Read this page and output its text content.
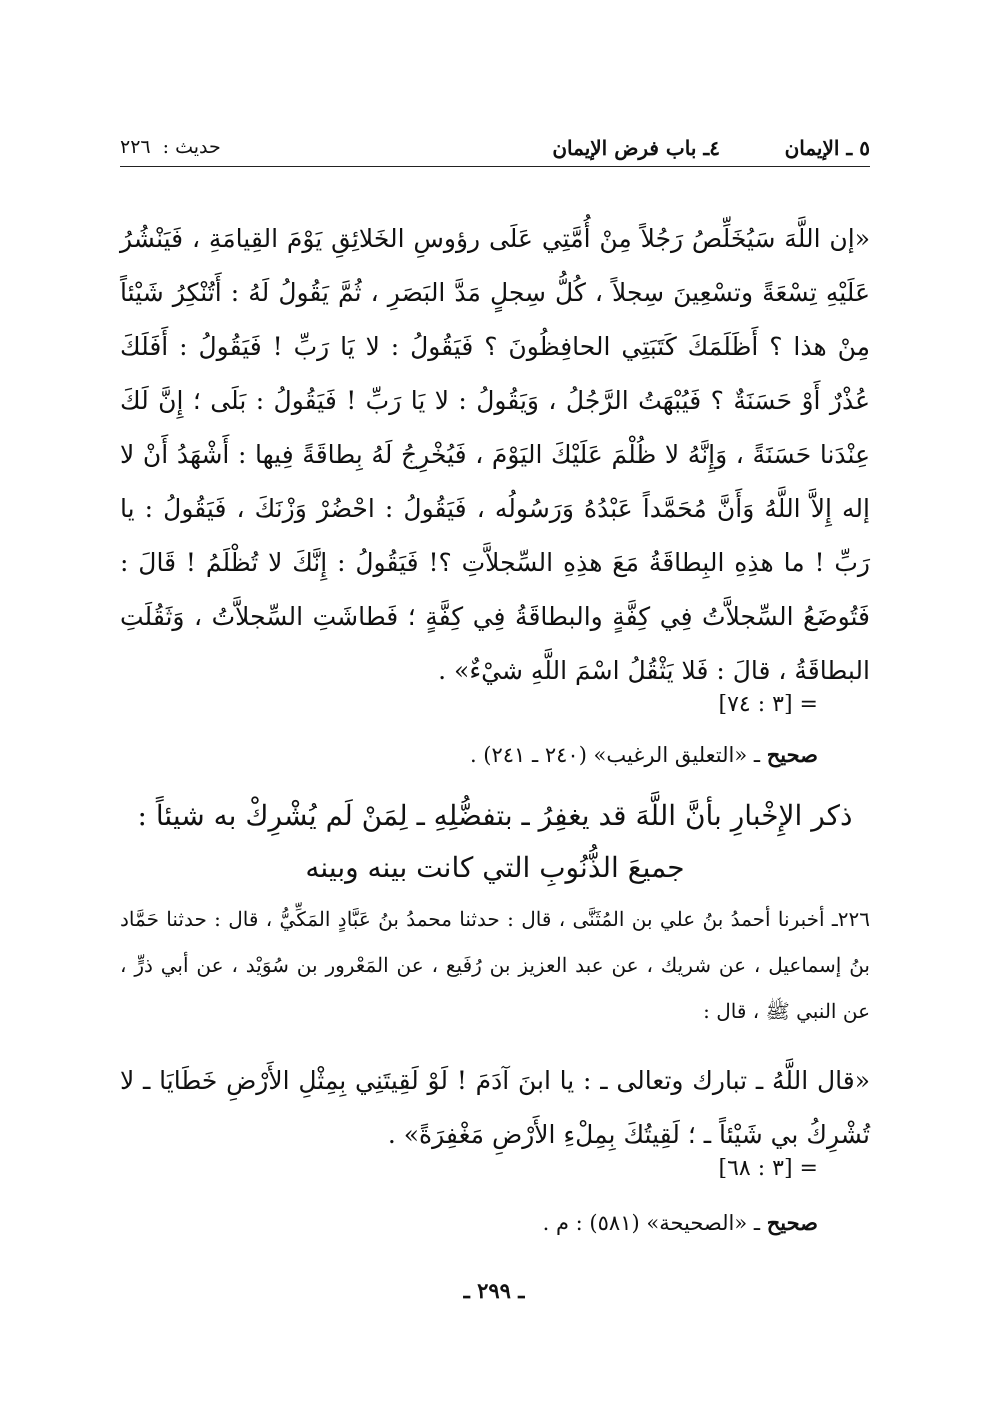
٥ ـ الإيمان
٤ـ باب فرض الإيمان
حديث : ٢٢٦
«إن اللَّهَ سَيُخَلِّصُ رَجُلاً مِنْ أُمَّتِي عَلَى رؤوسِ الخَلائِقِ يَوْمَ القِيامَةِ ، فَيَنْشُرُ عَلَيْهِ تِسْعَةً وتسْعِينَ سِجلاً ، كُلُّ سِجلٍ مَدَّ البَصَرِ ، ثُمَّ يَقُولُ لَهُ : أَتُنْكِرُ شَيْئاً مِنْ هذا ؟ أَظَلَمَكَ كَتَبَتِي الحافِظُونَ ؟ فَيَقُولُ : لا يَا رَبِّ ! فَيَقُولُ : أَفَلَكَ عُذْرٌ أَوْ حَسَنَةٌ ؟ فَيُبْهَتُ الرَّجُلُ ، وَيَقُولُ : لا يَا رَبِّ ! فَيَقُولُ : بَلَى ؛ إِنَّ لَكَ عِنْدَنا حَسَنَةً ، وَإِنَّهُ لا ظُلْمَ عَلَيْكَ اليَوْمَ ، فَيُخْرِجُ لَهُ بِطاقَةً فِيها : أَشْهَدُ أَنْ لا إله إِلاَّ اللَّهُ وَأَنَّ مُحَمَّداً عَبْدُهُ وَرَسُولُه ، فَيَقُولُ : احْضُرْ وَزْنَكَ ، فَيَقُولُ : يا رَبِّ ! ما هذِهِ البِطاقَةُ مَعَ هذِهِ السِّجلاَّتِ ؟! فَيَقُولُ : إِنَّكَ لا تُظْلَمُ ! قَالَ : فَتُوضَعُ السِّجلاَّتُ فِي كِفَّةٍ والبطاقَةُ فِي كِفَّةٍ ؛ فَطاشَتِ السِّجلاَّتُ ، وَثَقُلَتِ البطاقَةُ ، قالَ : فَلا يَثْقُلُ اسْمَ اللَّهِ شيْءٌ» .
= [٣ : ٧٤]
صحيح ـ «التعليق الرغيب» (٢٤٠ ـ ٢٤١) .
ذكر الإِخْبارِ بأنَّ اللَّهَ قد يغفِرُ ـ بتفضُّلِهِ ـ لِمَنْ لَم يُشْرِكْ به شيئاً :
جميعَ الذُّنُوبِ التي كانت بينه وبينه
٢٢٦ـ أخبرنا أحمدُ بنُ علي بن المُثَنَّى ، قال : حدثنا محمدُ بنُ عَبَّادٍ المَكِّيُّ ، قال : حدثنا حَمَّاد بنُ إسماعيل ، عن شريك ، عن عبد العزيز بن رُفَيع ، عن المَعْرور بن سُوَيْد ، عن أبي ذرٍّ ، عن النبي ﷺ ، قال :
«قال اللَّهُ ـ تبارك وتعالى ـ : يا ابنَ آدَمَ ! لَوْ لَقِيتَنِي بِمِثْلِ الأَرْضِ خَطَايَا ـ لا تُشْرِكُ بي شَيْئاً ـ ؛ لَقِيتُكَ بِمِلْءِ الأَرْضِ مَغْفِرَةً» .
= [٣ : ٦٨]
صحيح ـ «الصحيحة» (٥٨١) : م .
ـ ٢٩٩ ـ
